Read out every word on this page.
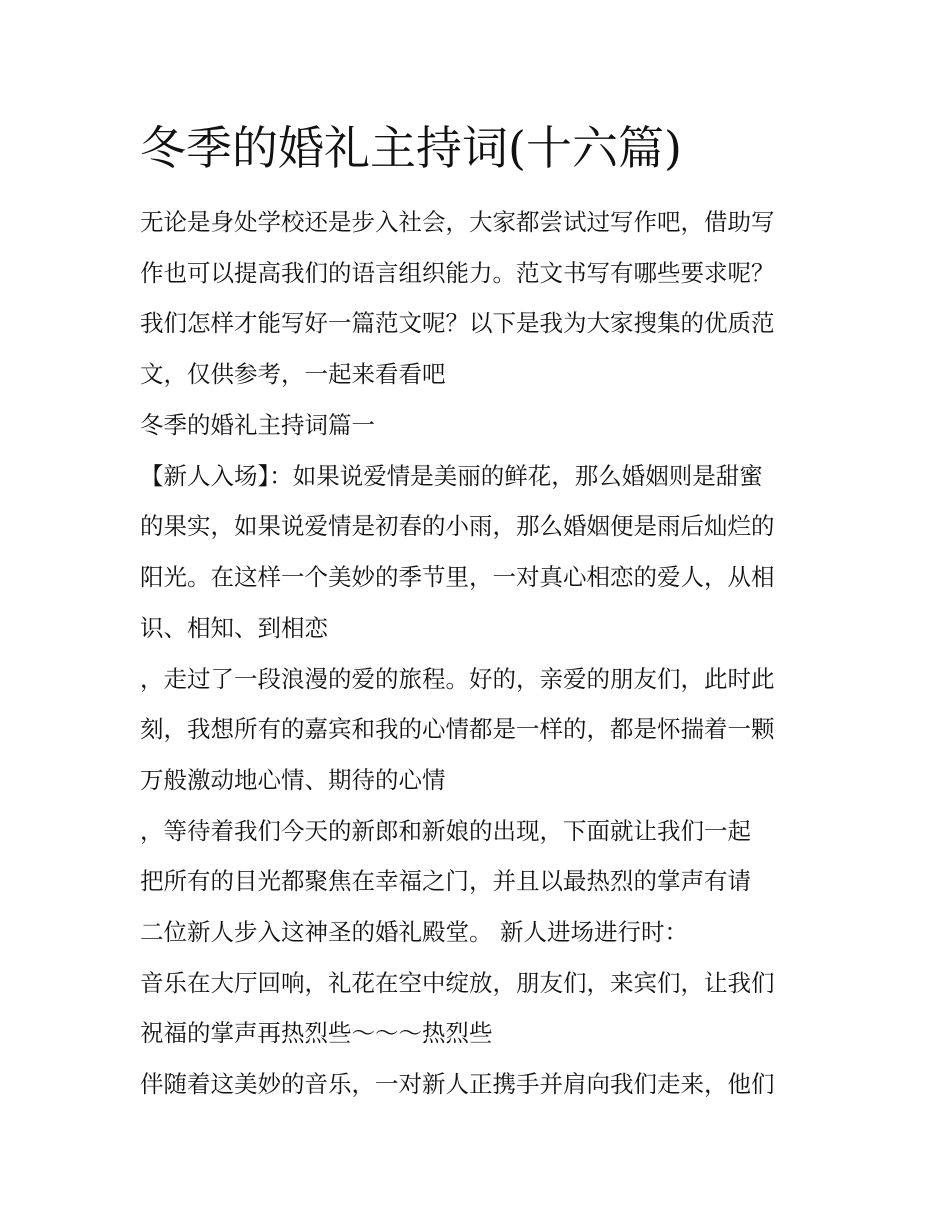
冬季的婚礼主持词(十六篇)

无论是身处学校还是步入社会，大家都尝试过写作吧，借助写

作也可以提高我们的语言组织能力。范文书写有哪些要求呢？

我们怎样才能写好一篇范文呢？以下是我为大家搜集的优质范

文，仅供参考，一起来看看吧

冬季的婚礼主持词篇一

【新人入场】：如果说爱情是美丽的鲜花，那么婚姻则是甜蜜

的果实，如果说爱情是初春的小雨，那么婚姻便是雨后灿烂的

阳光。在这样一个美妙的季节里，一对真心相恋的爱人，从相

识、相知、到相恋

，走过了一段浪漫的爱的旅程。好的，亲爱的朋友们，此时此

刻，我想所有的嘉宾和我的心情都是一样的，都是怀揣着一颗

万般激动地心情、期待的心情

，等待着我们今天的新郎和新娘的出现，下面就让我们一起

把所有的目光都聚焦在幸福之门，并且以最热烈的掌声有请

二位新人步入这神圣的婚礼殿堂。 新人进场进行时：

音乐在大厅回响，礼花在空中绽放，朋友们，来宾们，让我们

祝福的掌声再热烈些～～～热烈些

伴随着这美妙的音乐，一对新人正携手并肩向我们走来，他们
